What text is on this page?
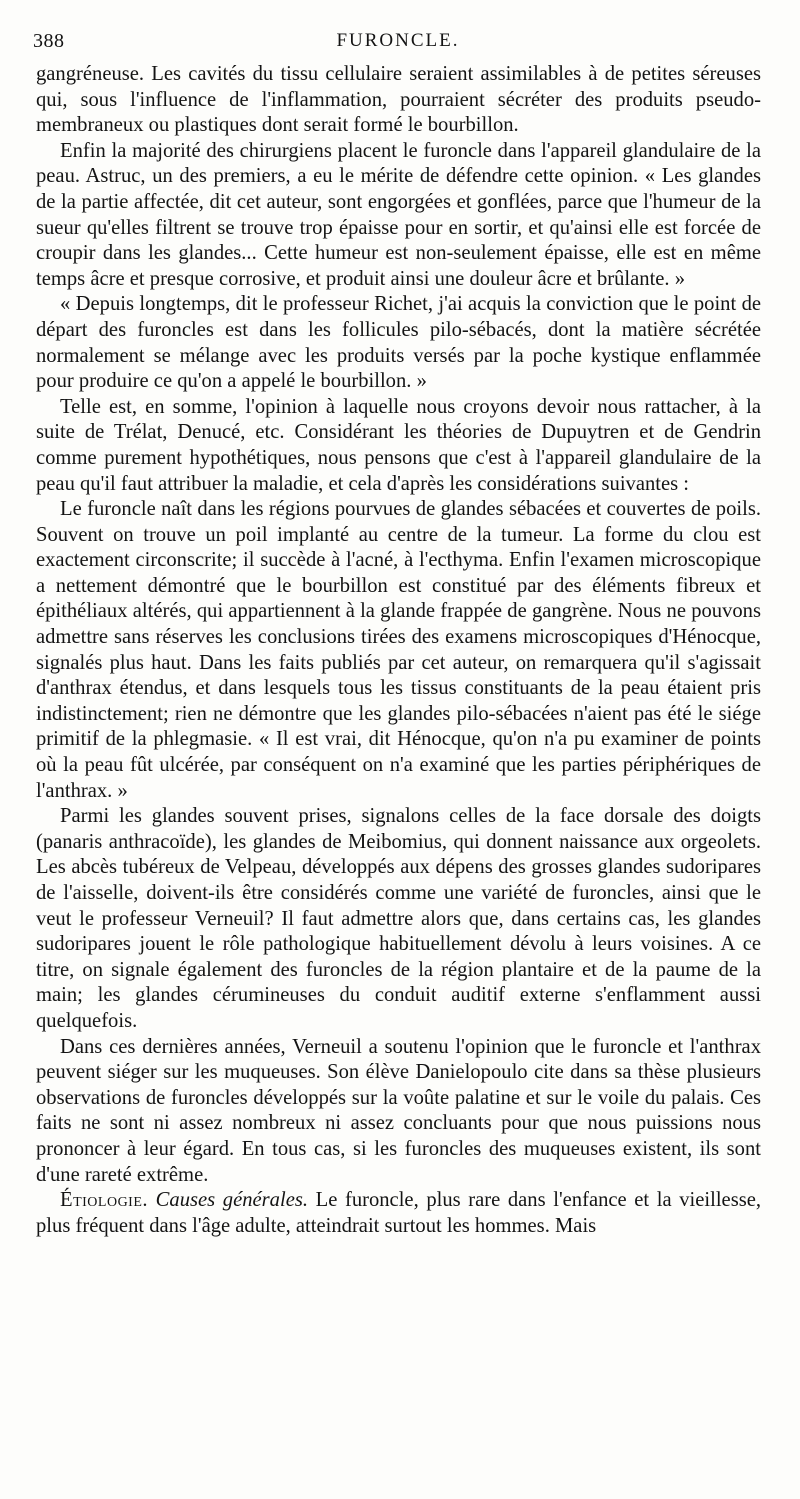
388	FURONCLE.

gangréneuse. Les cavités du tissu cellulaire seraient assimilables à de petites séreuses qui, sous l'influence de l'inflammation, pourraient sécréter des produits pseudo-membraneux ou plastiques dont serait formé le bourbillon.

Enfin la majorité des chirurgiens placent le furoncle dans l'appareil glandulaire de la peau. Astruc, un des premiers, a eu le mérite de défendre cette opinion. « Les glandes de la partie affectée, dit cet auteur, sont engorgées et gonflées, parce que l'humeur de la sueur qu'elles filtrent se trouve trop épaisse pour en sortir, et qu'ainsi elle est forcée de croupir dans les glandes... Cette humeur est non-seulement épaisse, elle est en même temps âcre et presque corrosive, et produit ainsi une douleur âcre et brûlante. »

« Depuis longtemps, dit le professeur Richet, j'ai acquis la conviction que le point de départ des furoncles est dans les follicules pilo-sébacés, dont la matière sécrétée normalement se mélange avec les produits versés par la poche kystique enflammée pour produire ce qu'on a appelé le bourbillon. »

Telle est, en somme, l'opinion à laquelle nous croyons devoir nous rattacher, à la suite de Trélat, Denucé, etc. Considérant les théories de Dupuytren et de Gendrin comme purement hypothétiques, nous pensons que c'est à l'appareil glandulaire de la peau qu'il faut attribuer la maladie, et cela d'après les considérations suivantes :

Le furoncle naît dans les régions pourvues de glandes sébacées et couvertes de poils. Souvent on trouve un poil implanté au centre de la tumeur. La forme du clou est exactement circonscrite; il succède à l'acné, à l'ecthyma. Enfin l'examen microscopique a nettement démontré que le bourbillon est constitué par des éléments fibreux et épithéliaux altérés, qui appartiennent à la glande frappée de gangrène. Nous ne pouvons admettre sans réserves les conclusions tirées des examens microscopiques d'Hénocque, signalés plus haut. Dans les faits publiés par cet auteur, on remarquera qu'il s'agissait d'anthrax étendus, et dans lesquels tous les tissus constituants de la peau étaient pris indistinctement; rien ne démontre que les glandes pilo-sébacées n'aient pas été le siége primitif de la phlegmasie. « Il est vrai, dit Hénocque, qu'on n'a pu examiner de points où la peau fût ulcérée, par conséquent on n'a examiné que les parties périphériques de l'anthrax. »

Parmi les glandes souvent prises, signalons celles de la face dorsale des doigts (panaris anthracoïde), les glandes de Meibomius, qui donnent naissance aux orgeolets. Les abcès tubéreux de Velpeau, développés aux dépens des grosses glandes sudoripares de l'aisselle, doivent-ils être considérés comme une variété de furoncles, ainsi que le veut le professeur Verneuil? Il faut admettre alors que, dans certains cas, les glandes sudoripares jouent le rôle pathologique habituellement dévolu à leurs voisines. A ce titre, on signale également des furoncles de la région plantaire et de la paume de la main; les glandes cérumineuses du conduit auditif externe s'enflamment aussi quelquefois.

Dans ces dernières années, Verneuil a soutenu l'opinion que le furoncle et l'anthrax peuvent siéger sur les muqueuses. Son élève Danielopoulo cite dans sa thèse plusieurs observations de furoncles développés sur la voûte palatine et sur le voile du palais. Ces faits ne sont ni assez nombreux ni assez concluants pour que nous puissions nous prononcer à leur égard. En tous cas, si les furoncles des muqueuses existent, ils sont d'une rareté extrême.

Étiologie. Causes générales. Le furoncle, plus rare dans l'enfance et la vieillesse, plus fréquent dans l'âge adulte, atteindrait surtout les hommes. Mais
